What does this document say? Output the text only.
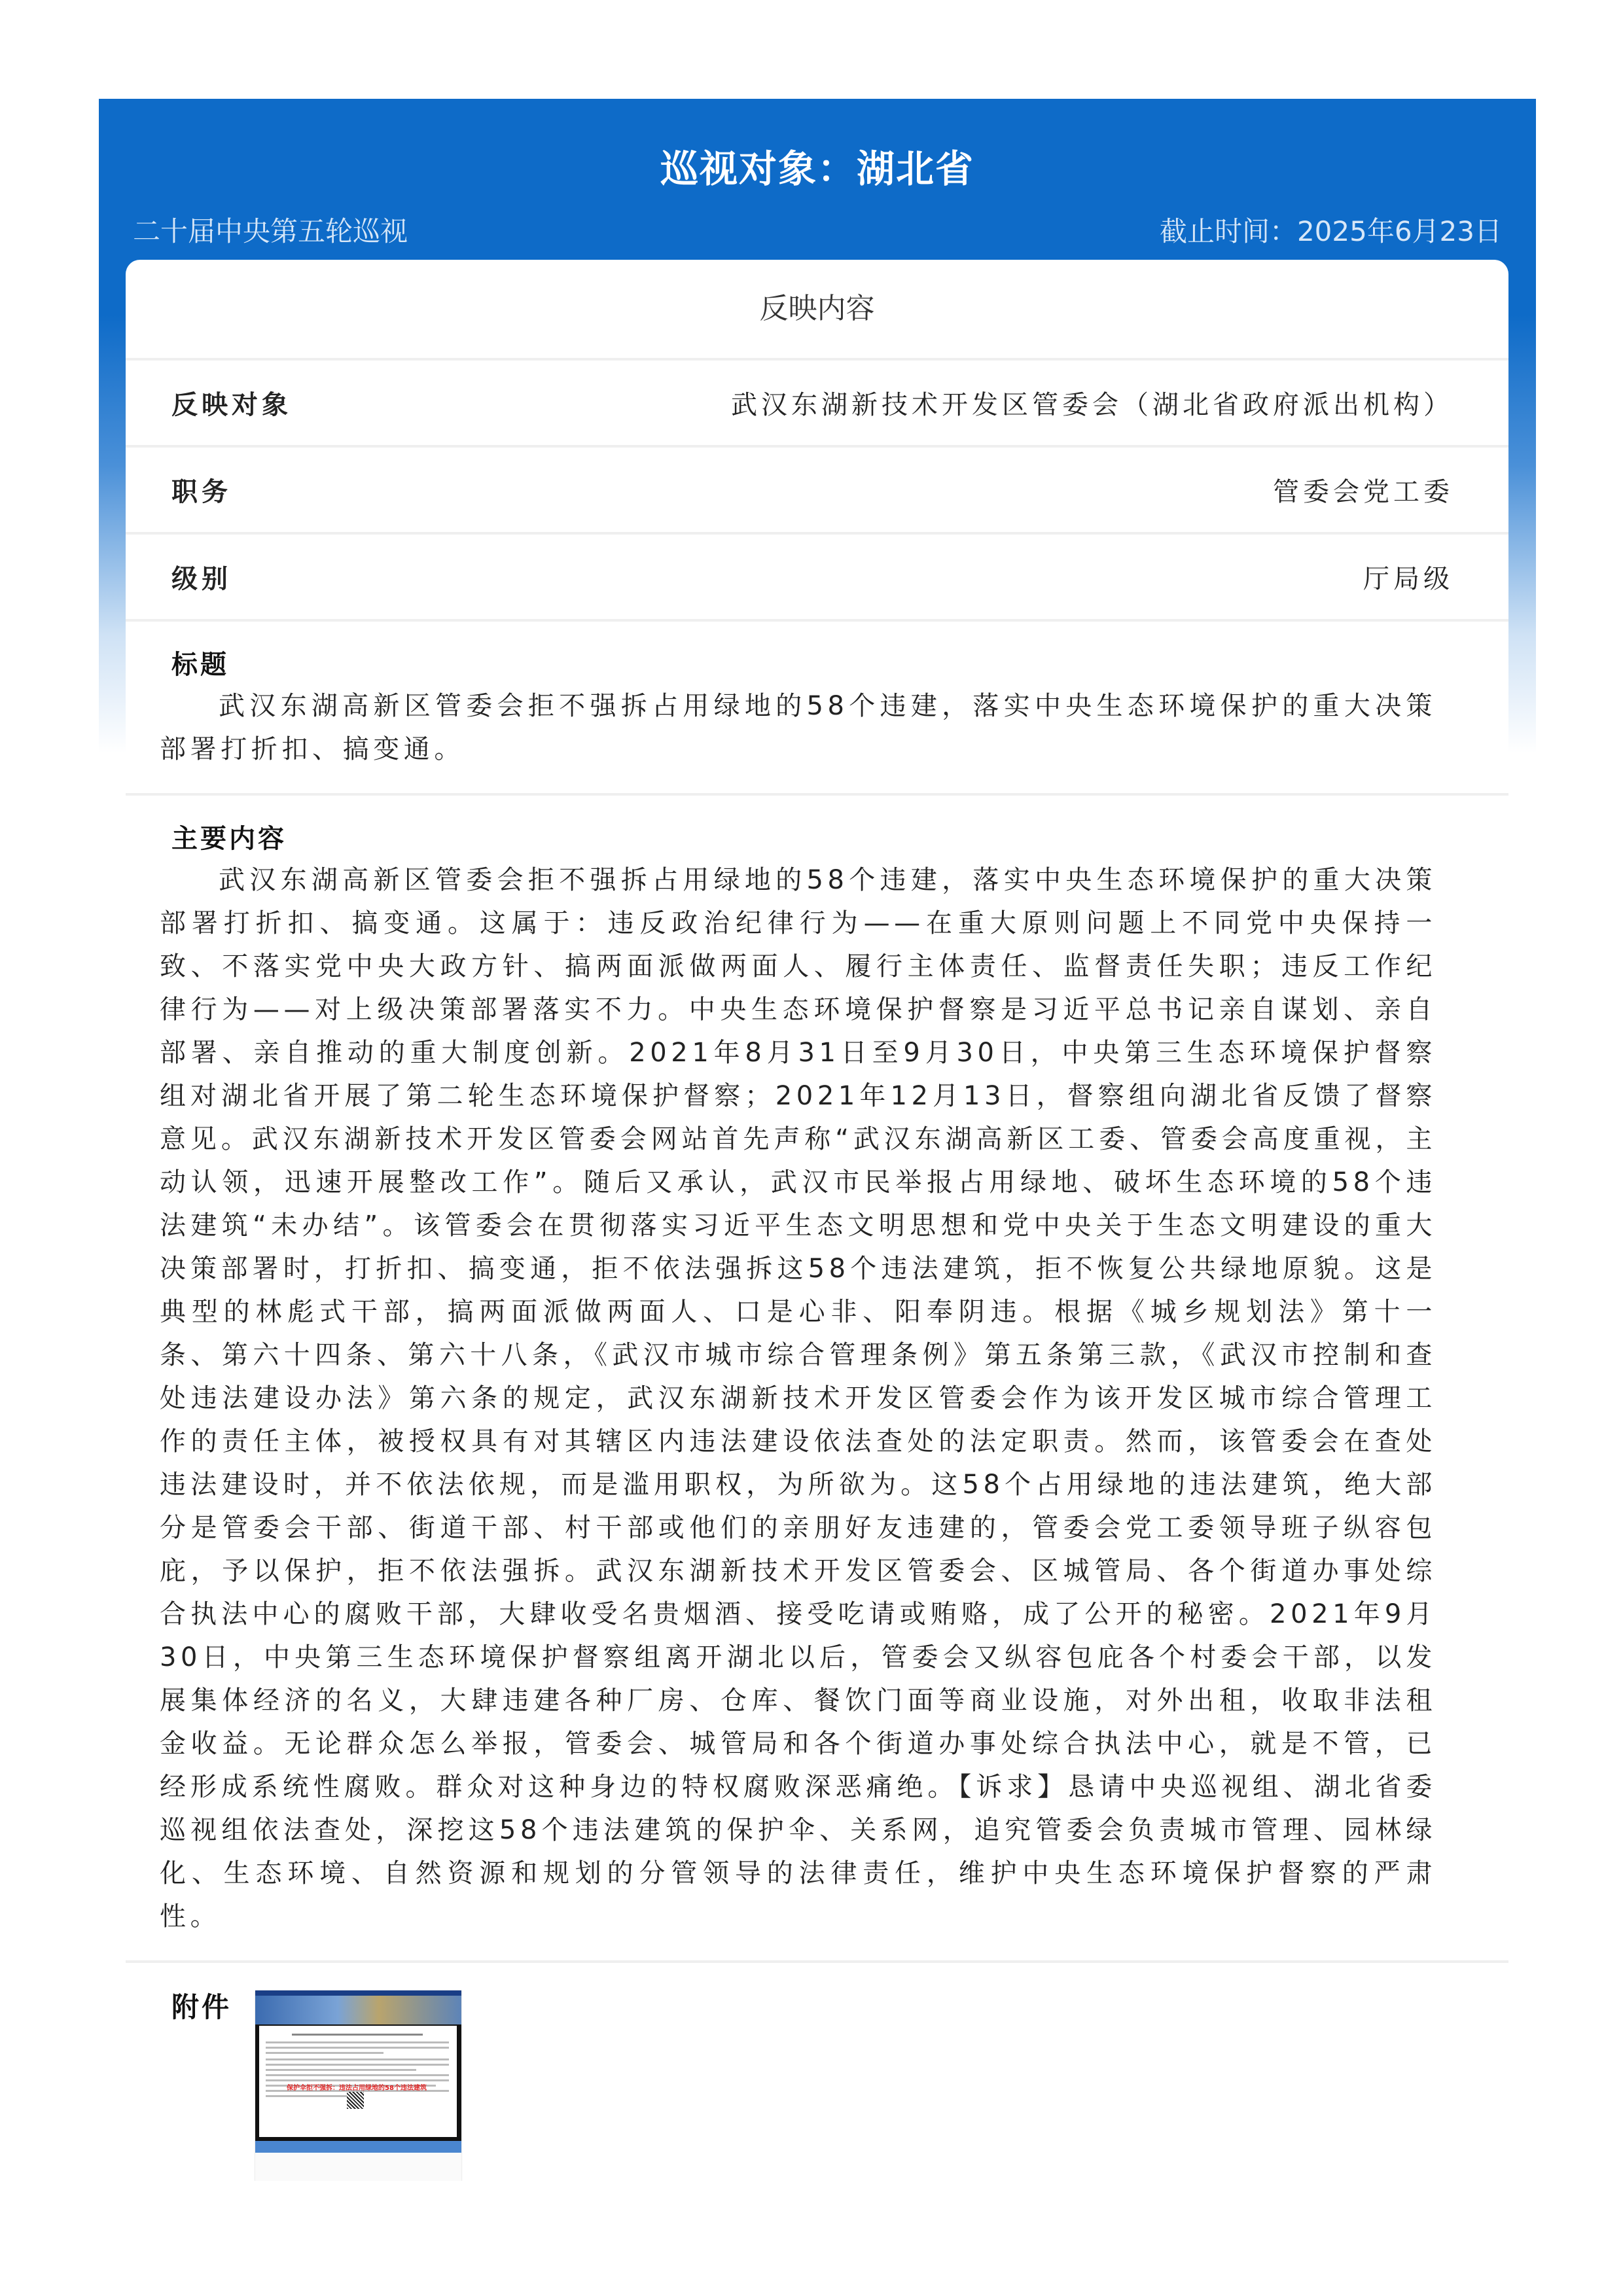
巡视对象：湖北省
二十届中央第五轮巡视	截止时间：2025年6月23日
反映内容
反映对象	武汉东湖新技术开发区管委会（湖北省政府派出机构）
职务	管委会党工委
级别	厅局级
标题
武汉东湖高新区管委会拒不强拆占用绿地的58个违建，落实中央生态环境保护的重大决策部署打折扣、搞变通。
主要内容
武汉东湖高新区管委会拒不强拆占用绿地的58个违建，落实中央生态环境保护的重大决策部署打折扣、搞变通。这属于：违反政治纪律行为——在重大原则问题上不同党中央保持一致、不落实党中央大政方针、搞两面派做两面人、履行主体责任、监督责任失职；违反工作纪律行为——对上级决策部署落实不力。中央生态环境保护督察是习近平总书记亲自谋划、亲自部署、亲自推动的重大制度创新。2021年8月31日至9月30日，中央第三生态环境保护督察组对湖北省开展了第二轮生态环境保护督察；2021年12月13日，督察组向湖北省反馈了督察意见。武汉东湖新技术开发区管委会网站首先声称“武汉东湖高新区工委、管委会高度重视，主动认领，迅速开展整改工作”。随后又承认，武汉市民举报占用绿地、破坏生态环境的58个违法建筑“未办结”。该管委会在贯彻落实习近平生态文明思想和党中央关于生态文明建设的重大决策部署时，打折扣、搞变通，拒不依法强拆这58个违法建筑，拒不恢复公共绿地原貌。这是典型的林彪式干部，搞两面派做两面人、口是心非、阳奉阴违。根据《城乡规划法》第十一条、第六十四条、第六十八条，《武汉市城市综合管理条例》第五条第三款，《武汉市控制和查处违法建设办法》第六条的规定，武汉东湖新技术开发区管委会作为该开发区城市综合管理工作的责任主体，被授权具有对其辖区内违法建设依法查处的法定职责。然而，该管委会在查处违法建设时，并不依法依规，而是滥用职权，为所欲为。这58个占用绿地的违法建筑，绝大部分是管委会干部、街道干部、村干部或他们的亲朋好友违建的，管委会党工委领导班子纵容包庇，予以保护，拒不依法强拆。武汉东湖新技术开发区管委会、区城管局、各个街道办事处综合执法中心的腐败干部，大肆收受名贵烟酒、接受吃请或贿赂，成了公开的秘密。2021年9月30日，中央第三生态环境保护督察组离开湖北以后，管委会又纵容包庇各个村委会干部，以发展集体经济的名义，大肆违建各种厂房、仓库、餐饮门面等商业设施，对外出租，收取非法租金收益。无论群众怎么举报，管委会、城管局和各个街道办事处综合执法中心，就是不管，已经形成系统性腐败。群众对这种身边的特权腐败深恶痛绝。【诉求】恳请中央巡视组、湖北省委巡视组依法查处，深挖这58个违法建筑的保护伞、关系网，追究管委会负责城市管理、园林绿化、生态环境、自然资源和规划的分管领导的法律责任，维护中央生态环境保护督察的严肃性。
附件
保护伞拒不强拆：违法占用绿地的58个违法建筑
